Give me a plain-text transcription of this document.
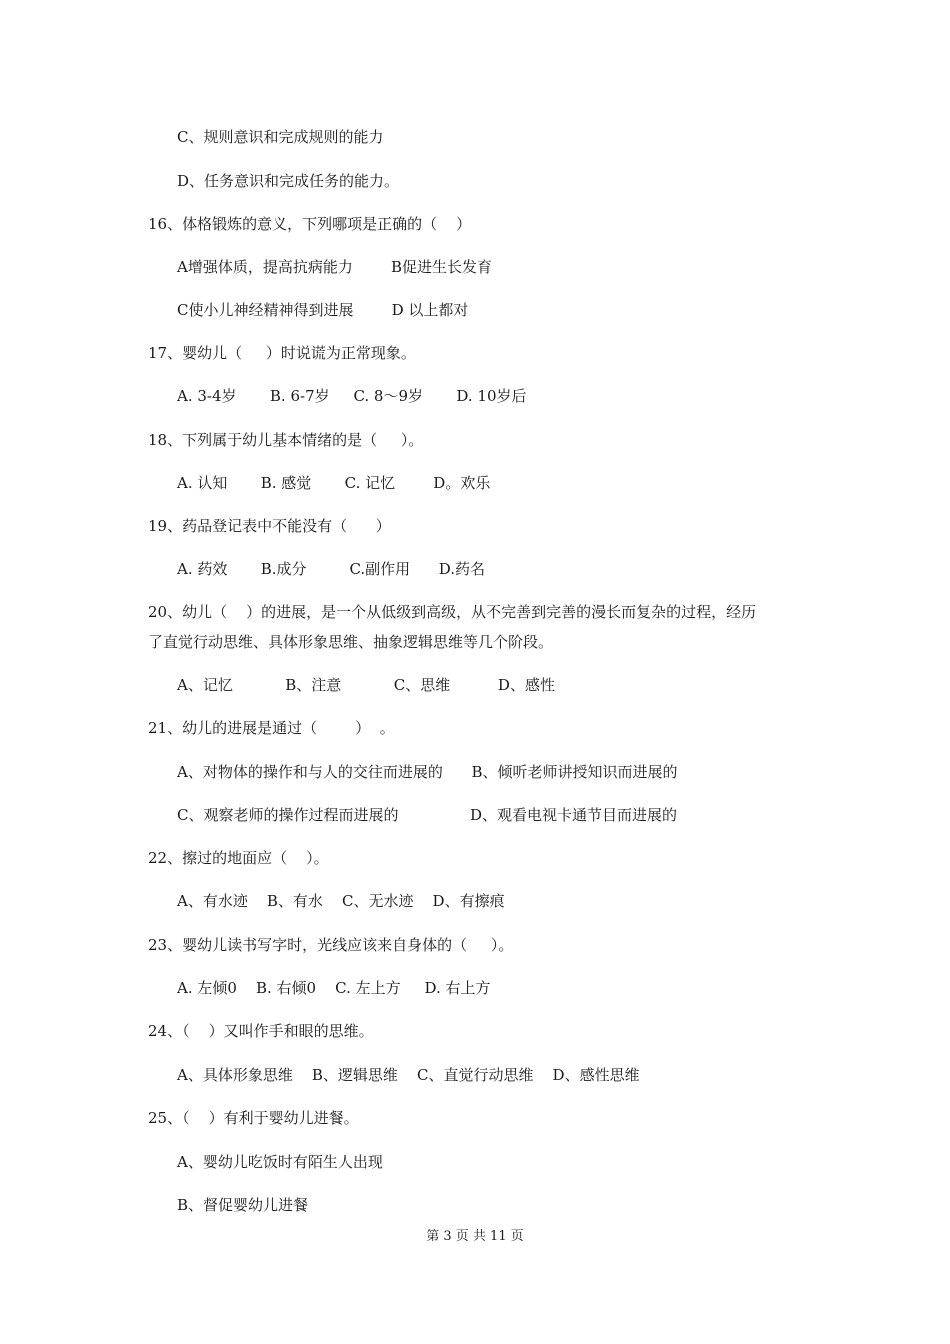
C、规则意识和完成规则的能力
D、任务意识和完成任务的能力。
16、体格锻炼的意义，下列哪项是正确的（    ）
A增强体质，提高抗病能力        B促进生长发育
C使小儿神经精神得到进展        D 以上都对
17、婴幼儿（     ）时说谎为正常现象。
A. 3-4岁       B. 6-7岁     C. 8～9岁       D. 10岁后
18、下列属于幼儿基本情绪的是（     ）。
A. 认知       B. 感觉       C. 记忆        D。欢乐
19、药品登记表中不能没有（      ）
A. 药效       B.成分         C.副作用      D.药名
20、幼儿（    ）的进展，是一个从低级到高级，从不完善到完善的漫长而复杂的过程，经历
了直觉行动思维、具体形象思维、抽象逻辑思维等几个阶段。
A、记忆           B、注意           C、思维          D、感性
21、幼儿的进展是通过（        ）  。
A、对物体的操作和与人的交往而进展的      B、倾听老师讲授知识而进展的
C、观察老师的操作过程而进展的               D、观看电视卡通节目而进展的
22、擦过的地面应（    ）。
A、有水迹    B、有水    C、无水迹    D、有擦痕
23、婴幼儿读书写字时，光线应该来自身体的（     ）。
A. 左倾0    B. 右倾0    C. 左上方     D. 右上方
24、（    ）又叫作手和眼的思维。
A、具体形象思维    B、逻辑思维    C、直觉行动思维    D、感性思维
25、（    ）有利于婴幼儿进餐。
A、婴幼儿吃饭时有陌生人出现
B、督促婴幼儿进餐
第 3 页 共 11 页
